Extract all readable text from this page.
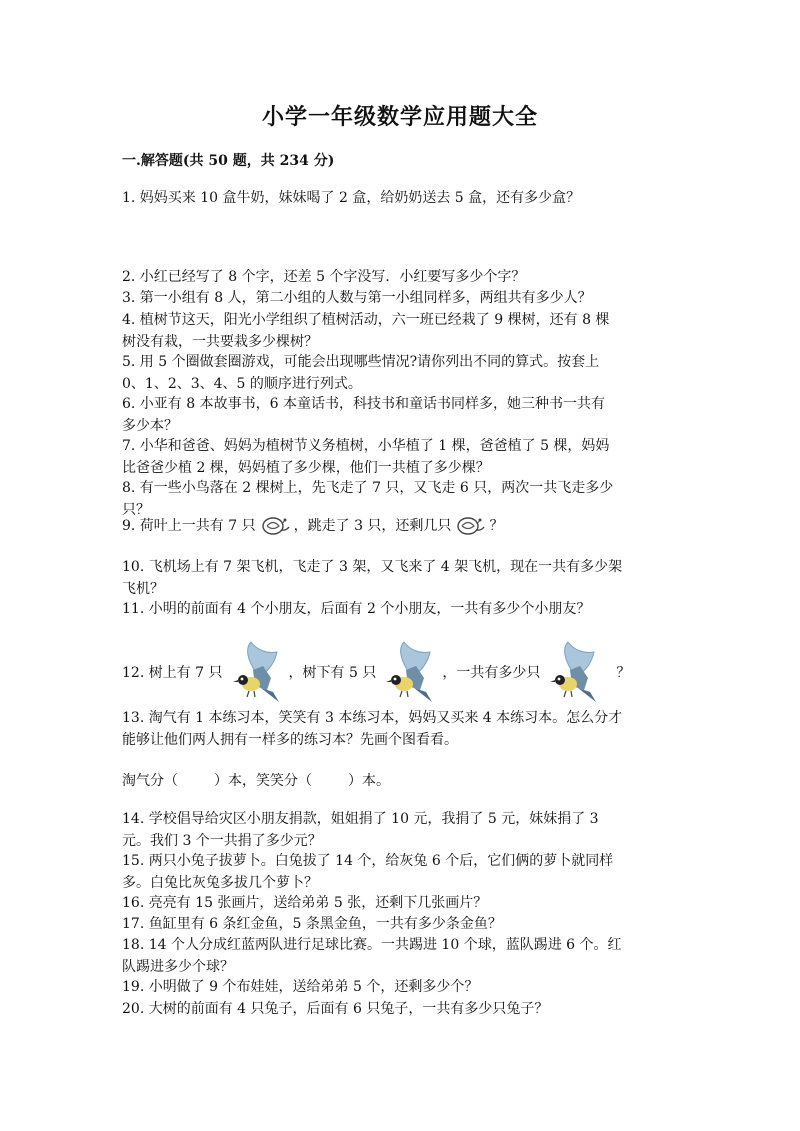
小学一年级数学应用题大全
一.解答题(共 50 题，共 234 分)
1. 妈妈买来 10 盒牛奶，妹妹喝了 2 盒，给奶奶送去 5 盒，还有多少盒？
2. 小红已经写了 8 个字，还差 5 个字没写．小红要写多少个字？
3. 第一小组有 8 人，第二小组的人数与第一小组同样多，两组共有多少人？
4. 植树节这天，阳光小学组织了植树活动，六一班已经栽了 9 棵树，还有 8 棵
树没有栽，一共要栽多少棵树？
5. 用 5 个圈做套圈游戏，可能会出现哪些情况?请你列出不同的算式。按套上
0、1、2、3、4、5 的顺序进行列式。
6. 小亚有 8 本故事书，6 本童话书，科技书和童话书同样多，她三种书一共有
多少本？
7. 小华和爸爸、妈妈为植树节义务植树，小华植了 1 棵，爸爸植了 5 棵，妈妈
比爸爸少植 2 棵，妈妈植了多少棵，他们一共植了多少棵？
8. 有一些小鸟落在 2 棵树上，先飞走了 7 只，又飞走 6 只，两次一共飞走多少
只？
9. 荷叶上一共有 7 只	，跳走了 3 只，还剩几只	？
10. 飞机场上有 7 架飞机，飞走了 3 架，又飞来了 4 架飞机，现在一共有多少架
飞机？
11. 小明的前面有 4 个小朋友，后面有 2 个小朋友，一共有多少个小朋友？
12. 树上有 7 只	，树下有 5 只	，一共有多少只	？
13. 淘气有 1 本练习本，笑笑有 3 本练习本，妈妈又买来 4 本练习本。怎么分才
能够让他们两人拥有一样多的练习本？先画个图看看。
淘气分（	）本，笑笑分（	）本。
14. 学校倡导给灾区小朋友捐款，姐姐捐了 10 元，我捐了 5 元，妹妹捐了 3
元。我们 3 个一共捐了多少元？
15. 两只小兔子拔萝卜。白兔拔了 14 个，给灰兔 6 个后，它们俩的萝卜就同样
多。白兔比灰兔多拔几个萝卜？
16. 亮亮有 15 张画片，送给弟弟 5 张，还剩下几张画片？
17. 鱼缸里有 6 条红金鱼，5 条黑金鱼，一共有多少条金鱼？
18. 14 个人分成红蓝两队进行足球比赛。一共踢进 10 个球，蓝队踢进 6 个。红
队踢进多少个球？
19. 小明做了 9 个布娃娃，送给弟弟 5 个，还剩多少个？
20. 大树的前面有 4 只兔子，后面有 6 只兔子，一共有多少只兔子？
